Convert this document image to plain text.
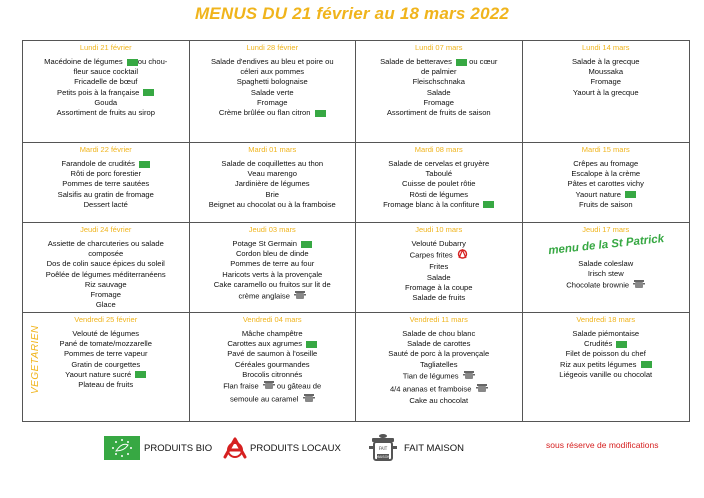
MENUS DU 21 février au 18 mars 2022
Lundi 21 février
Macédoine de légumes ou chou-
fleur sauce cocktail
Fricadelle de bœuf
Petits pois à la française
Gouda
Assortiment de fruits au sirop
Lundi 28 février
Salade d'endives au bleu et poire ou
céleri aux pommes
Spaghetti bolognaise
Salade verte
Fromage
Crème brûlée ou flan citron
Lundi 07 mars
Salade de betteraves  ou cœur
de palmier
Fleischschnaka
Salade
Fromage
Assortiment de fruits de saison
Lundi 14 mars
Salade à la grecque
Moussaka
Fromage
Yaourt à la grecque
Mardi 22 février
Farandole de crudités
Rôti de porc forestier
Pommes de terre sautées
Salsifis au gratin de fromage
Dessert lacté
Mardi 01 mars
Salade de coquillettes au thon
Veau marengo
Jardinière de légumes
Brie
Beignet au chocolat ou à la framboise
Mardi 08 mars
Salade de cervelas et gruyère
Taboulé
Cuisse de poulet rôtie
Rösti de légumes
Fromage blanc à la confiture
Mardi 15 mars
Crêpes au fromage
Escalope à la crème
Pâtes et carottes vichy
Yaourt nature
Fruits de saison
Jeudi 24 février
Assiette de charcuteries ou salade
composée
Dos de colin sauce épices du soleil
Poêlée de légumes méditerranéens
Riz sauvage
Fromage
Glace
Jeudi 03 mars
Potage St Germain
Cordon bleu de dinde
Pommes de terre au four
Haricots verts à la provençale
Cake caramello ou fruitos sur lit de
crème anglaise
Jeudi 10 mars
Velouté Dubarry
Carpes frites
Frites
Salade
Fromage à la coupe
Salade de fruits
Jeudi 17 mars
menu de la St Patrick
Salade coleslaw
Irisch stew
Chocolate brownie
Vendredi 25 février
Velouté de légumes
Pané de tomate/mozzarelle
Pommes de terre vapeur
Gratin de courgettes
Yaourt nature sucré
Plateau de fruits
Vendredi 04 mars
Mâche champêtre
Carottes aux agrumes
Pavé de saumon à l'oseille
Céréales gourmandes
Brocolis citronnés
Flan fraise  ou gâteau de
semoule au caramel
Vendredi 11 mars
Salade de chou blanc
Salade de carottes
Sauté de porc à la provençale
Tagliatelles
Tian de légumes
4/4 ananas et framboise
Cake au chocolat
Vendredi 18 mars
Salade piémontaise
Crudités
Filet de poisson du chef
Riz aux petits légumes
Liégeois vanille ou chocolat
VEGETARIEN
PRODUITS BIO	PRODUITS LOCAUX	FAIT
MAISON
FAIT MAISON	sous réserve de modifications
